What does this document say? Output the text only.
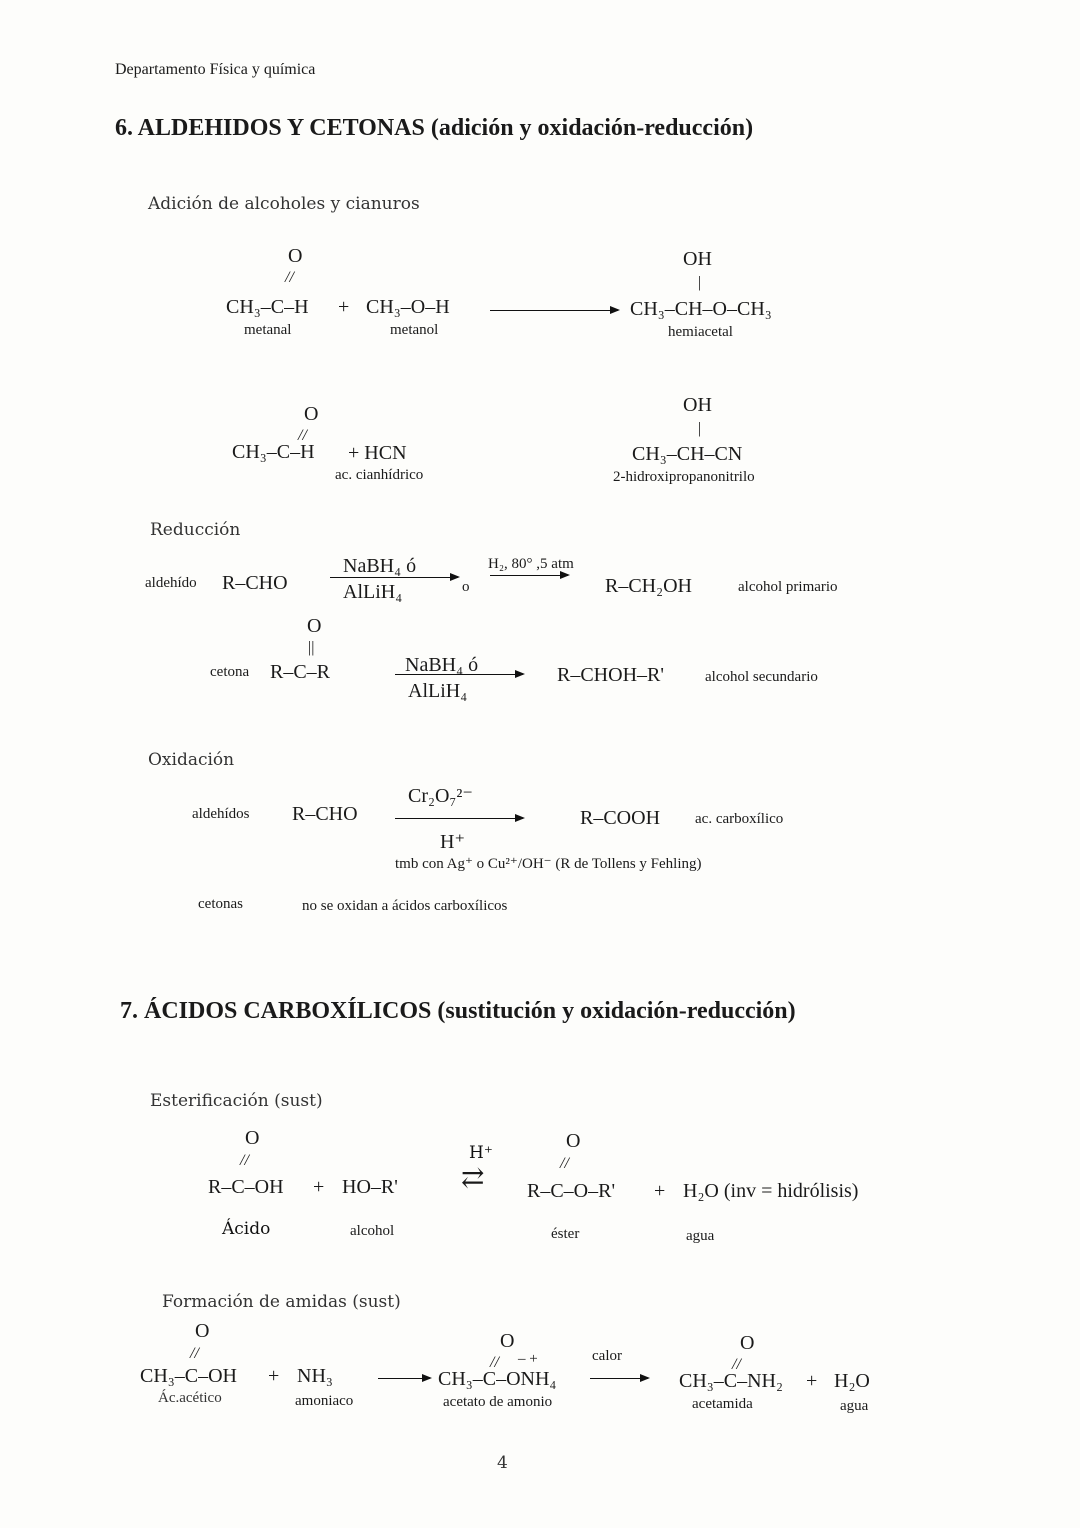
Departamento Física y química
6. ALDEHIDOS Y CETONAS (adición y oxidación-reducción)
Adición de alcoholes y cianuros
O
//
CH₃–C–H + CH₃–O–H
metanal	metanol
OH
|
CH₃–CH–O–CH₃
hemiacetal
O
//
CH₃–C–H + HCN
ac. cianhídrico
OH
|
CH₃–CH–CN
2-hidroxipropanonitrilo
Reducción
aldehído R–CHO
NaBH₄ ó
AlLiH₄	o
H₂, 80° ,5 atm
R–CH₂OH	alcohol primario
O
||
cetona R–C–R	NaBH₄ ó
AlLiH₄
R–CHOH–R'	alcohol secundario
Oxidación
aldehídos R–CHO
Cr₂O₇²⁻
H⁺
R–COOH ac. carboxílico
tmb con Ag⁺ o Cu²⁺/OH⁻ (R de Tollens y Fehling)
cetonas	no se oxidan a ácidos carboxílicos
7. ÁCIDOS CARBOXÍLICOS (sustitución y oxidación-reducción)
Esterificación (sust)
O
//
R–C–OH + HO–R'
H⁺
⇄
O
//
R–C–O–R' + H₂O (inv = hidrólisis)
Ácido	alcohol	éster	agua
Formación de amidas (sust)
O
//
CH₃–C–OH + NH₃
Ác.acético	amoniaco
O
// – +
CH₃–C–ONH₄
acetato de amonio
calor
O
//
CH₃–C–NH₂ + H₂O
acetamida	agua
4
